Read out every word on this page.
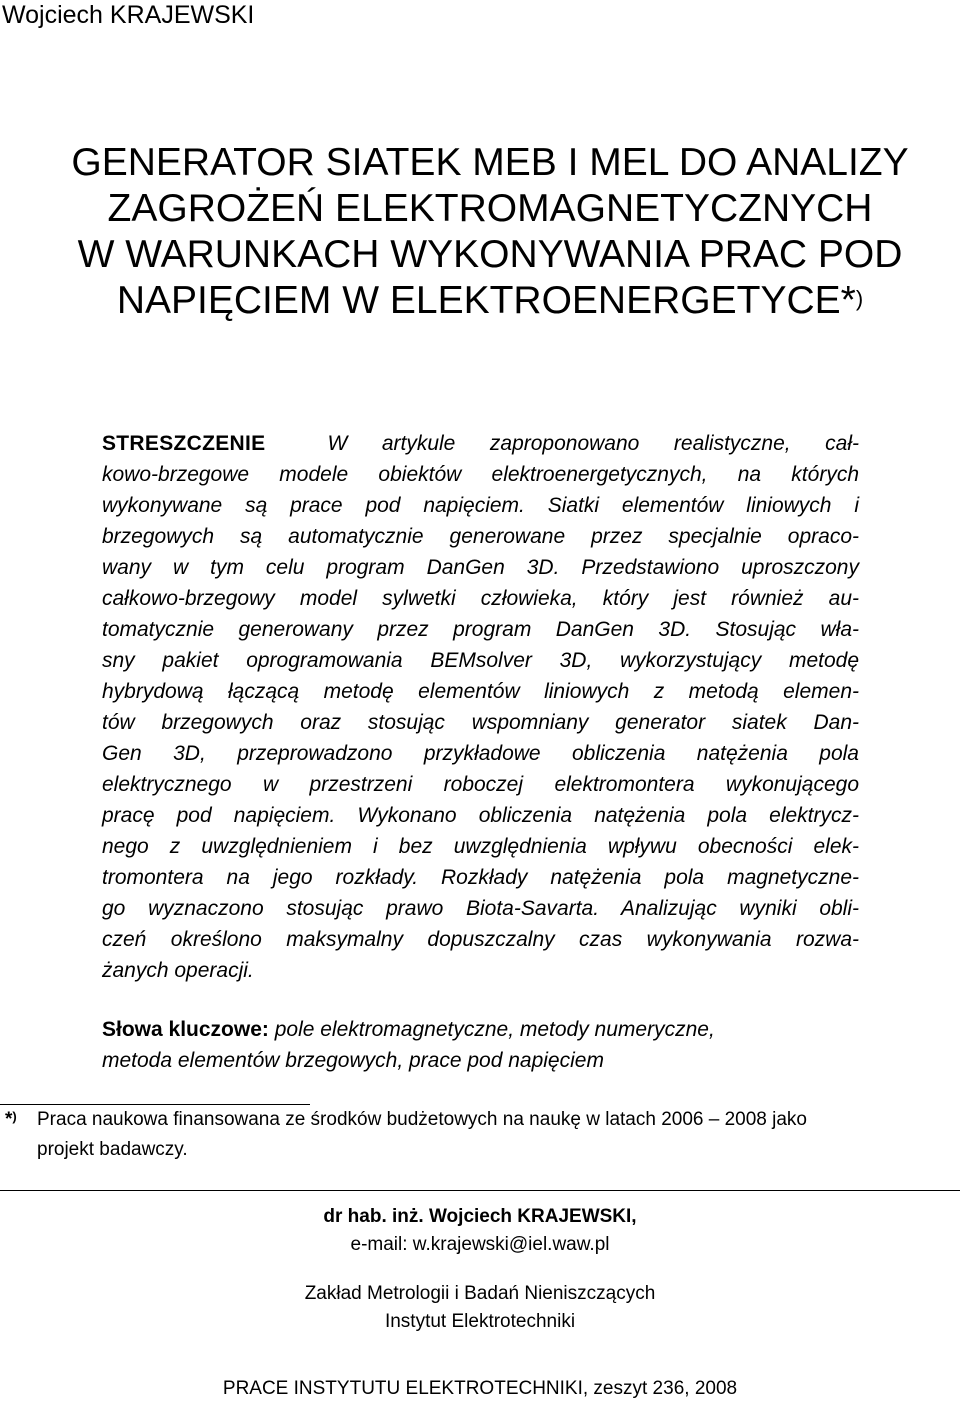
Wojciech KRAJEWSKI
GENERATOR SIATEK MEB I MEL DO ANALIZY
ZAGROŻEŃ ELEKTROMAGNETYCZNYCH
W WARUNKACH WYKONYWANIA PRAC POD
NAPIĘCIEM W ELEKTROENERGETYCE*)
STRESZCZENIE	W artykule zaproponowano realistyczne, cał-
kowo-brzegowe modele obiektów elektroenergetycznych, na których
wykonywane są prace pod napięciem. Siatki elementów liniowych i
brzegowych są automatycznie generowane przez specjalnie opraco-
wany w tym celu program DanGen 3D. Przedstawiono uproszczony
całkowo-brzegowy model sylwetki człowieka, który jest również au-
tomatycznie generowany przez program DanGen 3D. Stosując wła-
sny pakiet oprogramowania BEMsolver 3D, wykorzystujący metodę
hybrydową łączącą metodę elementów liniowych z metodą elemen-
tów brzegowych oraz stosując wspomniany generator siatek Dan-
Gen 3D, przeprowadzono przykładowe obliczenia natężenia pola
elektrycznego w przestrzeni roboczej elektromontera wykonującego
pracę pod napięciem. Wykonano obliczenia natężenia pola elektrycz-
nego z uwzględnieniem i bez uwzględnienia wpływu obecności elek-
tromontera na jego rozkłady. Rozkłady natężenia pola magnetyczne-
go wyznaczono stosując prawo Biota-Savarta. Analizując wyniki obli-
czeń określono maksymalny dopuszczalny czas wykonywania rozwa-
żanych operacji.
Słowa kluczowe: pole elektromagnetyczne, metody numeryczne,
metoda elementów brzegowych, prace pod napięciem
*) Praca naukowa finansowana ze środków budżetowych na naukę w latach 2006 – 2008 jako
projekt badawczy.
dr hab. inż. Wojciech KRAJEWSKI,
e-mail: w.krajewski@iel.waw.pl
Zakład Metrologii i Badań Nieniszczących
Instytut Elektrotechniki
PRACE INSTYTUTU ELEKTROTECHNIKI, zeszyt 236, 2008
